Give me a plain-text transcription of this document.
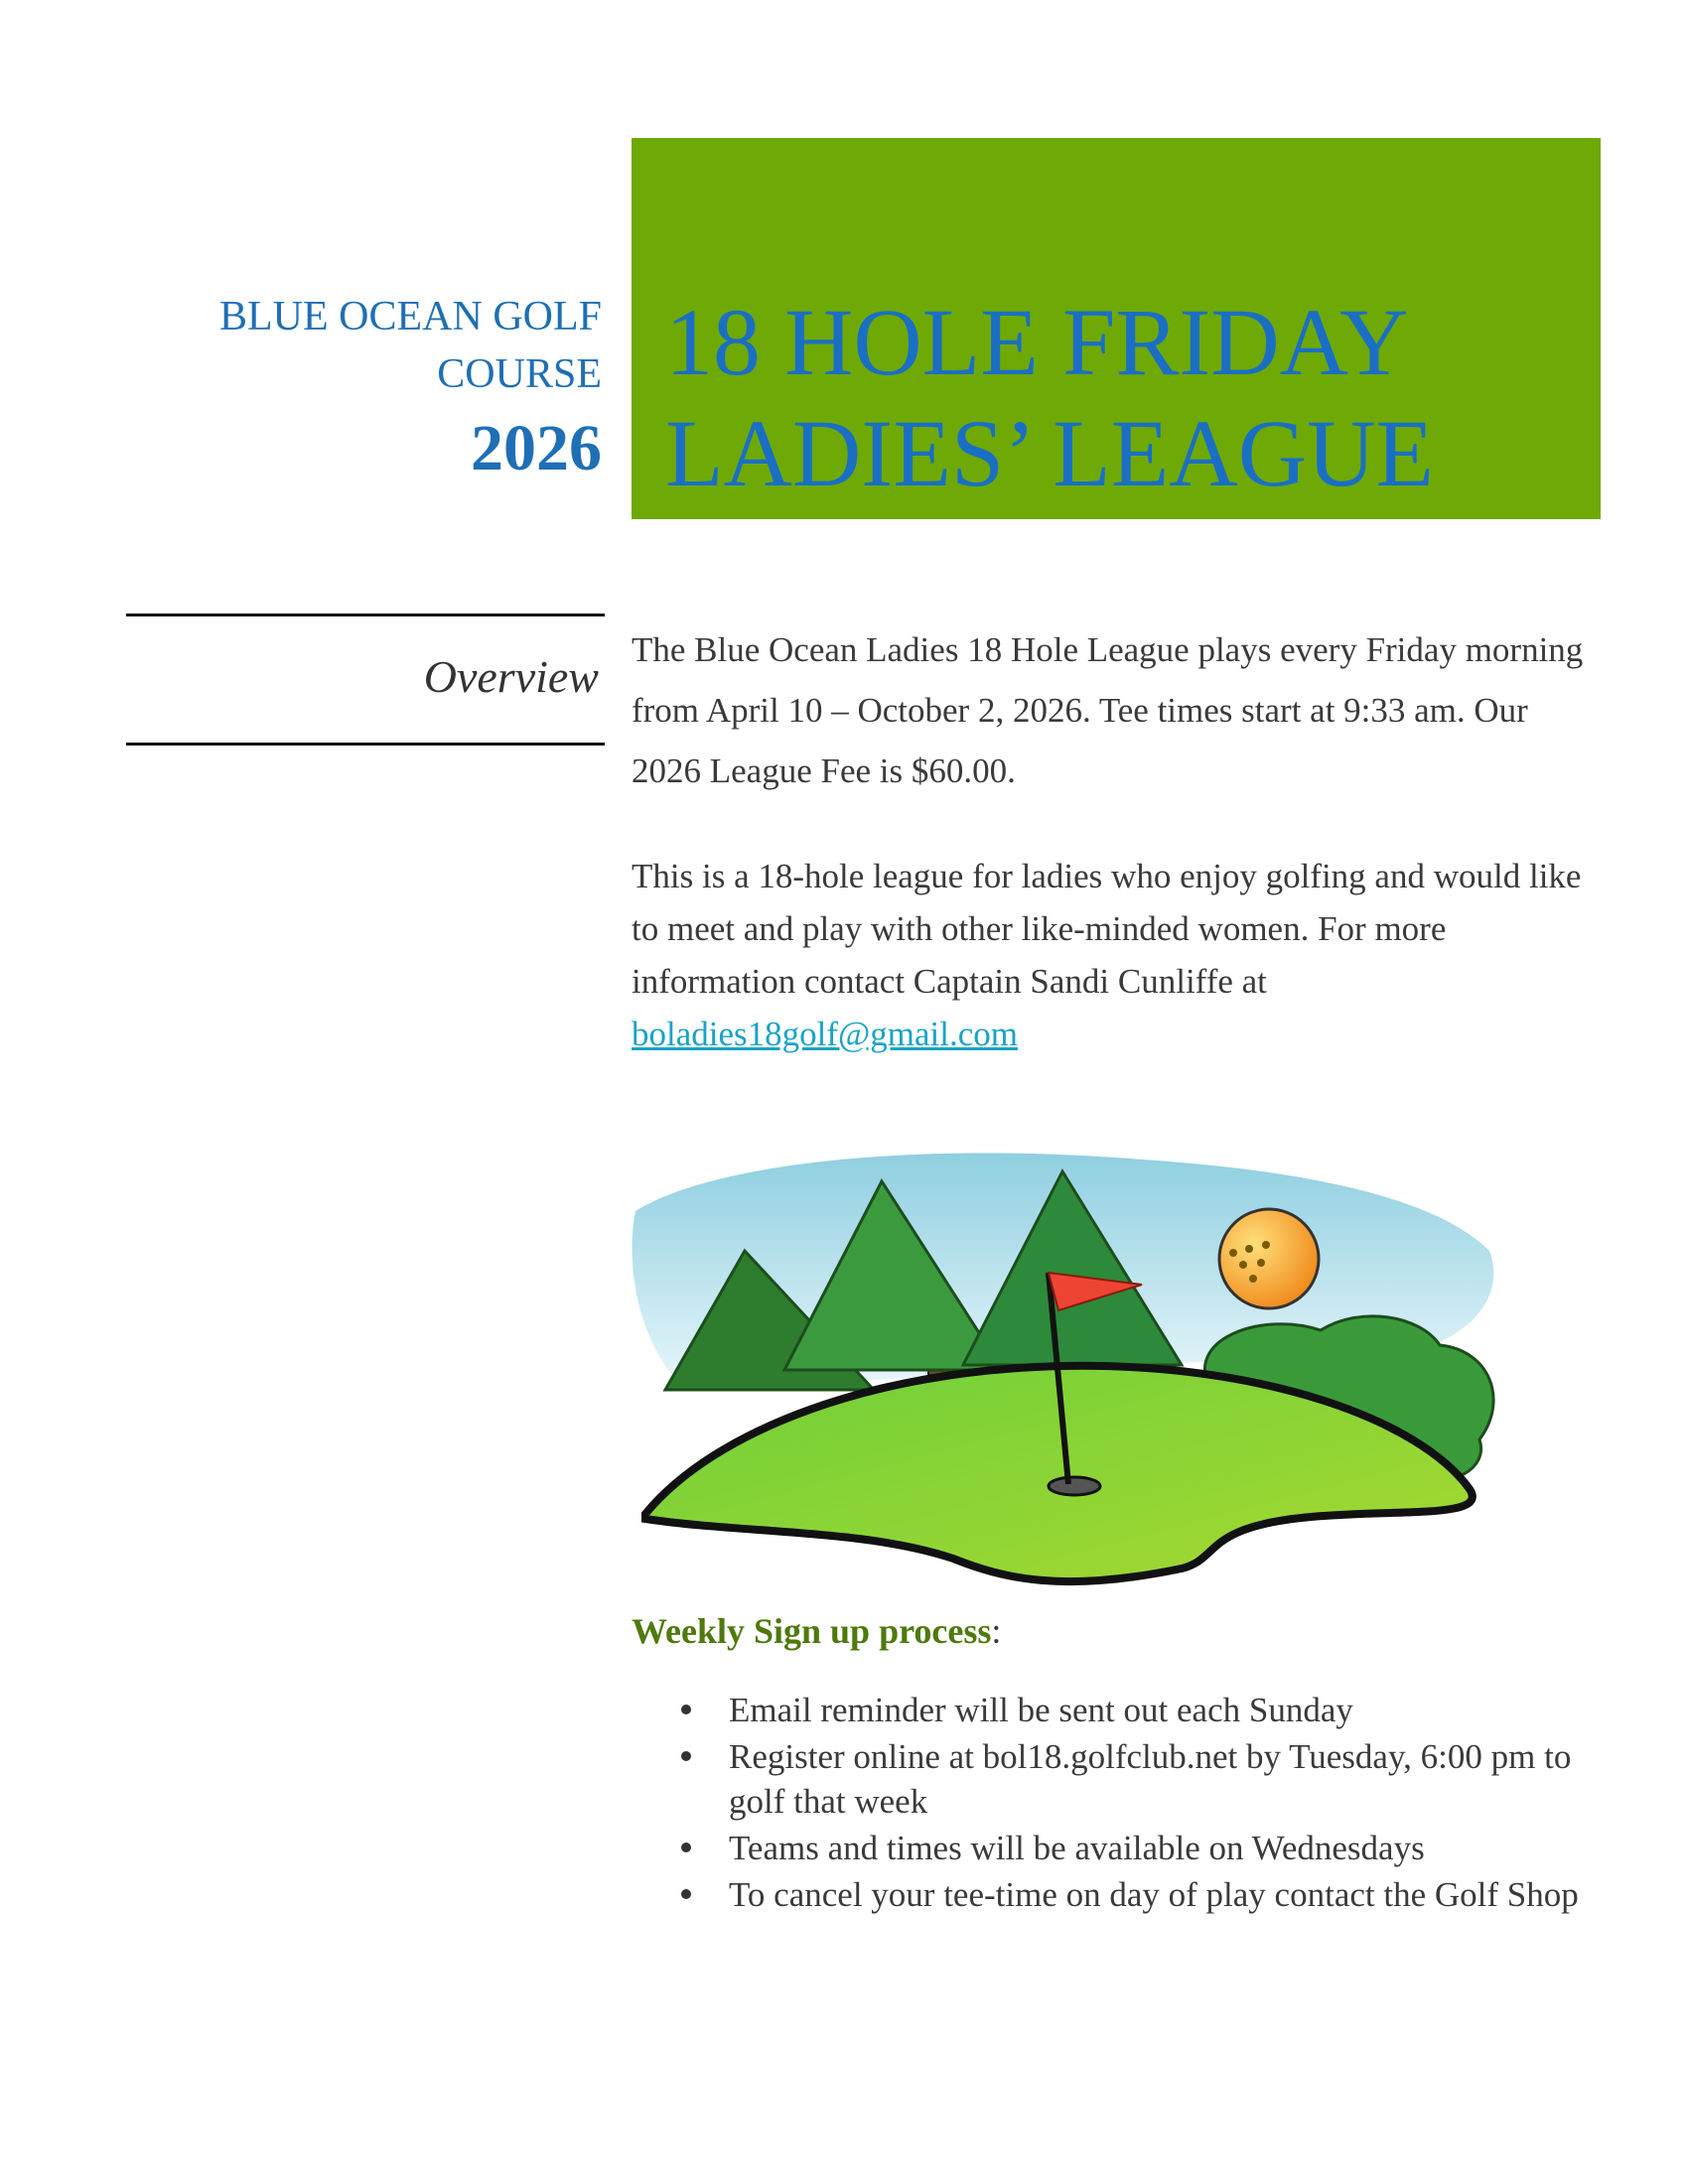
BLUE OCEAN GOLF
COURSE
2026
18 HOLE FRIDAY
LADIES’ LEAGUE
Overview
The Blue Ocean Ladies 18 Hole League plays every Friday morning from April 10 – October 2, 2026. Tee times start at 9:33 am. Our 2026 League Fee is $60.00.
This is a 18-hole league for ladies who enjoy golfing and would like to meet and play with other like-minded women. For more information contact Captain Sandi Cunliffe at
boladies18golf@gmail.com
Weekly Sign up process:
Email reminder will be sent out each Sunday
Register online at bol18.golfclub.net by Tuesday, 6:00 pm to golf that week
Teams and times will be available on Wednesdays
To cancel your tee-time on day of play contact the Golf Shop
